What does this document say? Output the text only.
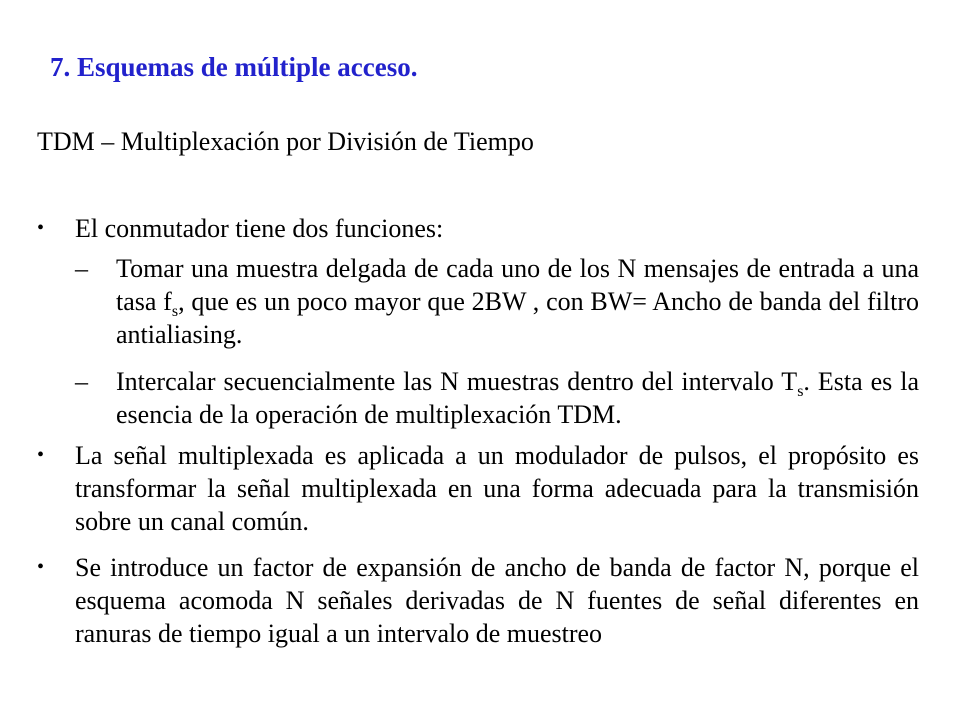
7. Esquemas de múltiple acceso.
TDM – Multiplexación por División de Tiempo
• El conmutador tiene dos funciones:
– Tomar una muestra delgada de cada uno de los N mensajes de entrada a una tasa $f_s$, que es un poco mayor que 2BW , con BW= Ancho de banda del filtro antialiasing.
– Intercalar secuencialmente las N muestras dentro del intervalo $T_s$. Esta es la esencia de la operación de multiplexación TDM.
• La señal multiplexada es aplicada a un modulador de pulsos, el propósito es transformar la señal multiplexada en una forma adecuada para la transmisión sobre un canal común.
• Se introduce un factor de expansión de ancho de banda de factor N, porque el esquema acomoda N señales derivadas de N fuentes de señal diferentes en ranuras de tiempo igual a un intervalo de muestreo
